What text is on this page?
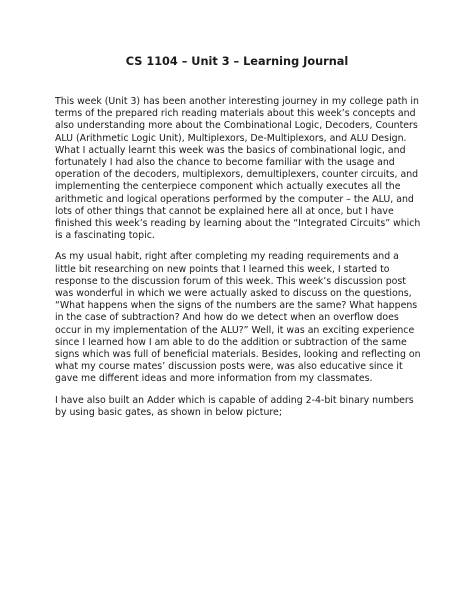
CS 1104 – Unit 3 – Learning Journal

This week (Unit 3) has been another interesting journey in my college path in
terms of the prepared rich reading materials about this week’s concepts and
also understanding more about the Combinational Logic, Decoders, Counters
ALU (Arithmetic Logic Unit), Multiplexors, De-Multiplexors, and ALU Design.
What I actually learnt this week was the basics of combinational logic, and
fortunately I had also the chance to become familiar with the usage and
operation of the decoders, multiplexors, demultiplexers, counter circuits, and
implementing the centerpiece component which actually executes all the
arithmetic and logical operations performed by the computer – the ALU, and
lots of other things that cannot be explained here all at once, but I have
finished this week’s reading by learning about the “Integrated Circuits” which
is a fascinating topic.

As my usual habit, right after completing my reading requirements and a
little bit researching on new points that I learned this week, I started to
response to the discussion forum of this week. This week’s discussion post
was wonderful in which we were actually asked to discuss on the questions,
“What happens when the signs of the numbers are the same? What happens
in the case of subtraction? And how do we detect when an overflow does
occur in my implementation of the ALU?” Well, it was an exciting experience
since I learned how I am able to do the addition or subtraction of the same
signs which was full of beneficial materials. Besides, looking and reflecting on
what my course mates’ discussion posts were, was also educative since it
gave me different ideas and more information from my classmates.

I have also built an Adder which is capable of adding 2-4-bit binary numbers
by using basic gates, as shown in below picture;
